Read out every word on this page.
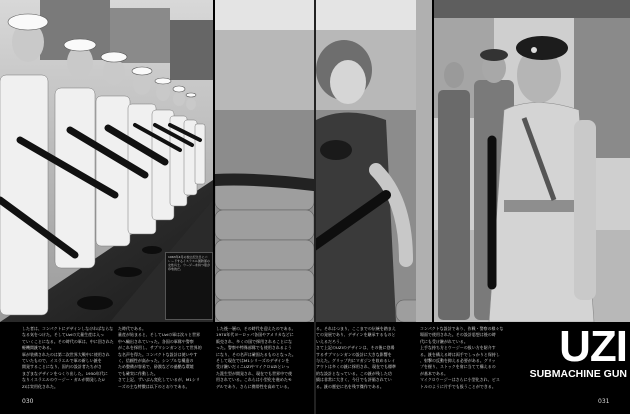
1963年4月の独立記念日にパレードするイスラエル国防軍の女性兵士。ウージーを持つ姿が印象的だ。
した者は、コンパクトにデザインしなければならな
なる気をつけた。そしてUziの大量生産は入っ
ていくことになる。その時代の軍は、中に回された
軽機関銃である。
軍が装備されたのは第二次世界大戦中に使用され
ていたもので、イスラエルで軍の新しい銃を
開発することになり、国内の設計者たちがさ
まざまなデザインをつくり出した。1950年代に
なりイスラエルのウージー・ガルが開発したU
ZIは実用化された。
た時代である。
量産が始まると、そしてUziの軍は次々と世界
中へ輸出されていった。各国の軍隊や警察
がこれを採用し、サブマシンガンとして世界的
な名声を得た。コンパクトな設計は使いやす
く、信頼性が高かった。シンプルな構造の
ため整備が容易で、砂漠などの過酷な環境
でも確実に作動した。
さて上記、ずいぶん変化しているが、M1シリ
ーズの主な特徴は以下のとおりである。
した後一層の、その時代を迎えたのである。
1970年代ヨーロッパ各国やアメリカなどに
販売され、多くの国で採用されることにな
った。警察や特殊部隊でも使用されるよう
になり、その名声は確固たるものとなった。
そして現在ではM1シリーズのデザインを
受け継いだミニUZIやマイクロUZIといっ
た派生型が開発され、現在でも世界中で使
用されている。これらは小型化を進めたモ
デルであり、さらに携帯性を高めている。
030
る。それはつまり、ここまでの伝統を踏まえ
ての発展であり、デザインを継承するものと
いえるだろう。
さて上記のUZIのデザインは、その後に登場
するサブマシンガンの設計に大きな影響を
与えた。グリップ内にマガジンを収めるレイ
アウトは多くの銃に採用され、現在でも標準
的な設計となっている。この銃が残した功
績は非常に大きく、今日でも評価されてい
る。銃の歴史に名を残す傑作である。
コンパクトな設計であり、作戦・警察の様々な
場面で使用された。その設計思想は後の時
代にも受け継がれている。
上手な持ち方とウージーの扱い方を紹介す
る。銃を構える時は両手でしっかりと保持し
、射撃の反動を抑える必要がある。グリッ
プを握り、ストックを肩に当てて構えるの
が基本である。
マイクロウージーはさらに小型化され、ピス
トルのように片手でも扱うことができる。
031
UZI
SUBMACHINE GUN
